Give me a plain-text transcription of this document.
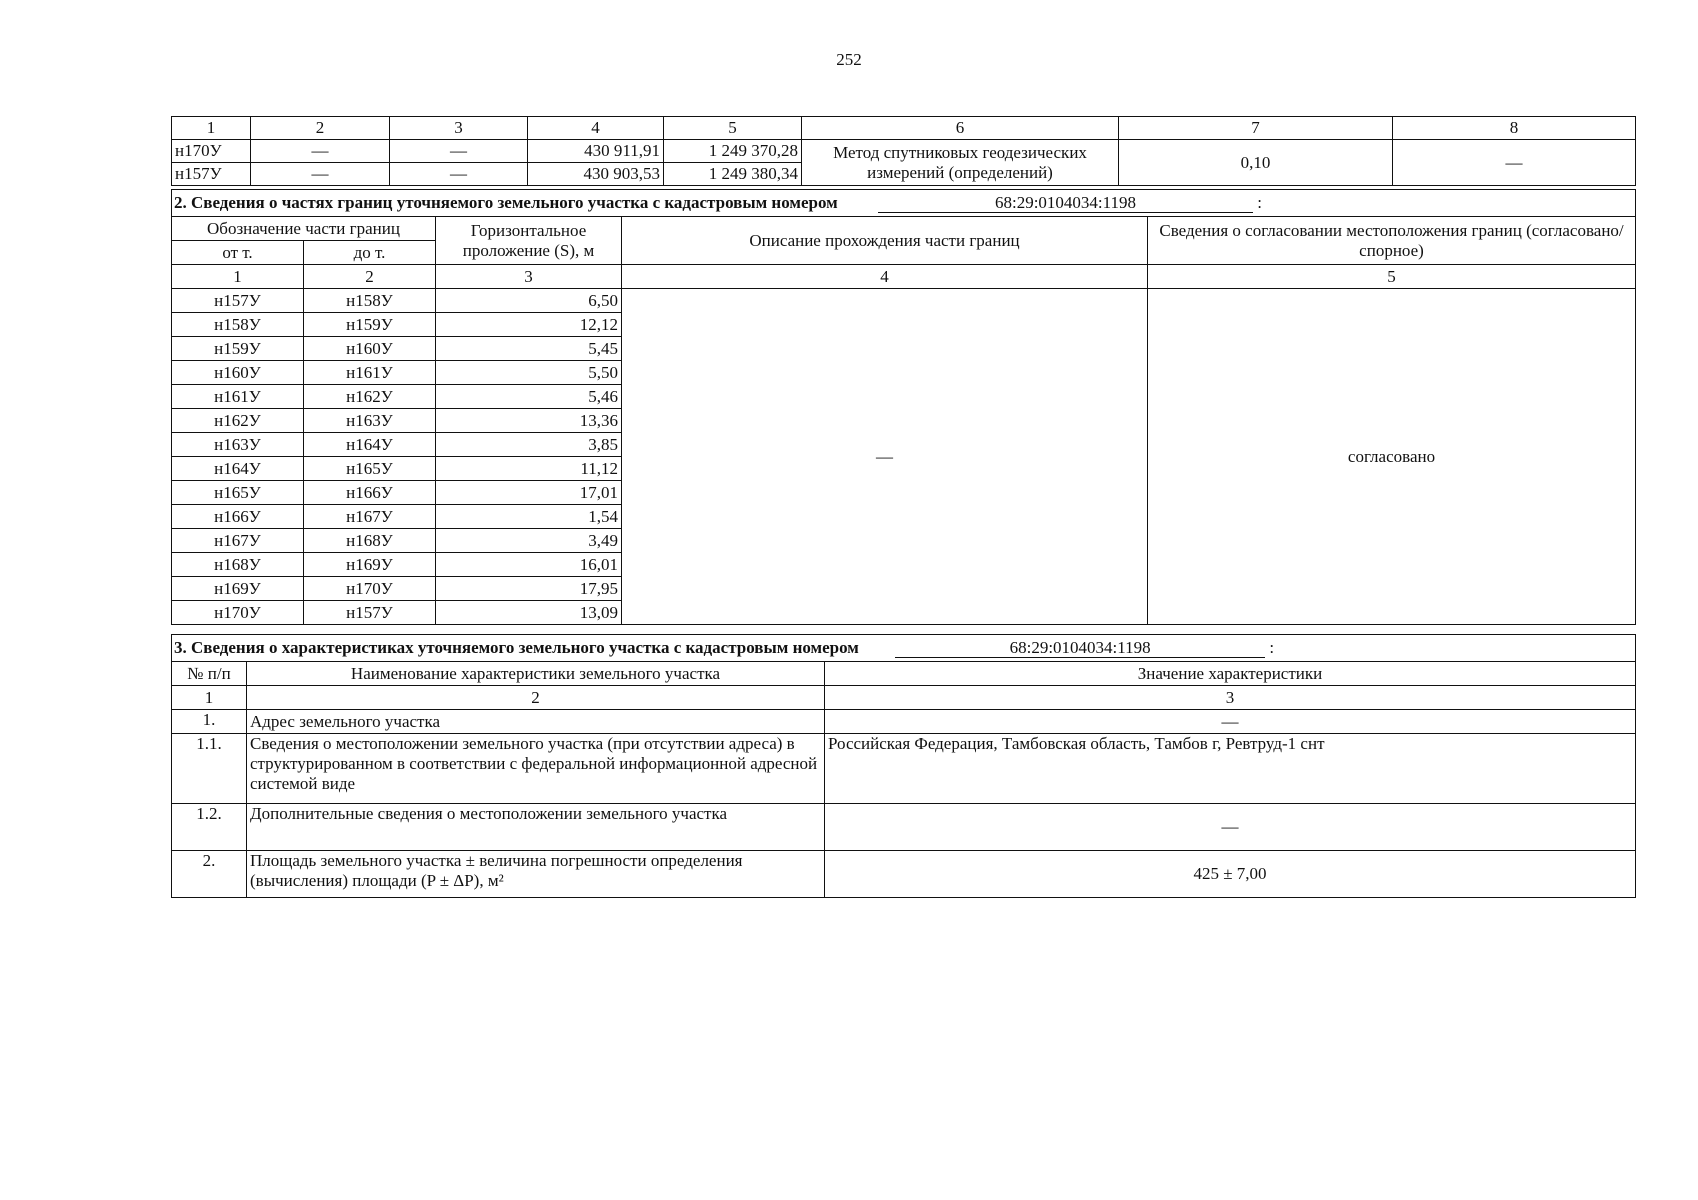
252
1	2	3	4	5	6	7	8
н170У	—	—	430 911,91	1 249 370,28	Метод спутниковых геодезических измерений (определений)	0,10	—
н157У	—	—	430 903,53	1 249 380,34			
2. Сведения о частях границ уточняемого земельного участка с кадастровым номером 68:29:0104034:1198 :				
Обозначение части границ		Горизонтальное проложение (S), м	Описание прохождения части границ	Сведения о согласовании местоположения границ (согласовано/спорное)
от т.	до т.			
1	2	3	4	5
н157У	н158У	6,50	—	согласовано
н158У	н159У	12,12		
н159У	н160У	5,45		
н160У	н161У	5,50		
н161У	н162У	5,46		
н162У	н163У	13,36		
н163У	н164У	3,85		
н164У	н165У	11,12		
н165У	н166У	17,01		
н166У	н167У	1,54		
н167У	н168У	3,49		
н168У	н169У	16,01		
н169У	н170У	17,95		
н170У	н157У	13,09		
3. Сведения о характеристиках уточняемого земельного участка с кадастровым номером 68:29:0104034:1198 :		
№ п/п	Наименование характеристики земельного участка	Значение характеристики
1	2	3
1.	Адрес земельного участка	—
1.1.	Сведения о местоположении земельного участка (при отсутствии адреса) в структурированном в соответствии с федеральной информационной адресной системой виде	Российская Федерация, Тамбовская область, Тамбов г, Ревтруд-1 снт
1.2.	Дополнительные сведения о местоположении земельного участка	—
2.	Площадь земельного участка ± величина погрешности определения (вычисления) площади (P ± ΔP), м²	425 ± 7,00
